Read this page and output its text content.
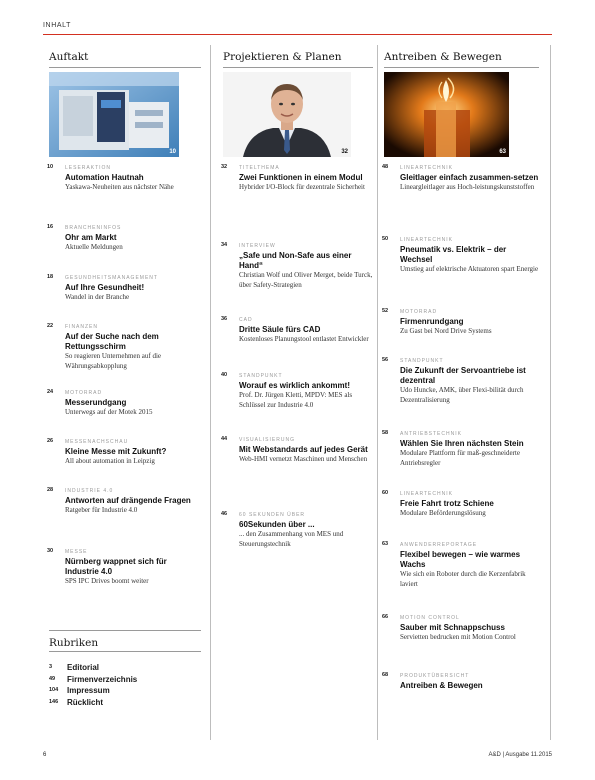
INHALT
Auftakt
10
10	LESERAKTION
Automation Hautnah
Yaskawa-Neuheiten aus nächster Nähe
16	BRANCHENINFOS
Ohr am Markt
Aktuelle Meldungen
18	GESUNDHEITSMANAGEMENT
Auf Ihre Gesundheit!
Wandel in der Branche
22	FINANZEN
Auf der Suche nach dem Rettungsschirm
So reagieren Unternehmen auf die Währungsabkopplung
24	MOTORRAD
Messerundgang
Unterwegs auf der Motek 2015
26	MESSENACHSCHAU
Kleine Messe mit Zukunft?
All about automation in Leipzig
28	INDUSTRIE 4.0
Antworten auf drängende Fragen
Ratgeber für Industrie 4.0
30	MESSE
Nürnberg wappnet sich für Industrie 4.0
SPS IPC Drives boomt weiter
Rubriken
3 Editorial
49 Firmenverzeichnis
104 Impressum
146 Rücklicht
Projektieren & Planen
32
32	TITELTHEMA
Zwei Funktionen in einem Modul
Hybrider I/O-Block für dezentrale Sicherheit
34	INTERVIEW
„Safe und Non-Safe aus einer Hand“
Christian Wolf und Oliver Merget, beide Turck, über Safety-Strategien
36	CAD
Dritte Säule fürs CAD
Kostenloses Planungstool entlastet Entwickler
40	STANDPUNKT
Worauf es wirklich ankommt!
Prof. Dr. Jürgen Kletti, MPDV: MES als Schlüssel zur Industrie 4.0
44	VISUALISIERUNG
Mit Webstandards auf jedes Gerät
Web-HMI vernetzt Maschinen und Menschen
46	60 SEKUNDEN ÜBER
60Sekunden über ...
... den Zusammenhang von MES und Steuerungstechnik
Antreiben & Bewegen
63
48	LINEARTECHNIK
Gleitlager einfach zusammen-setzen
Lineargleitlager aus Hoch-leistungskunststoffen
50	LINEARTECHNIK
Pneumatik vs. Elektrik – der Wechsel
Umstieg auf elektrische Aktuatoren spart Energie
52	MOTORRAD
Firmenrundgang
Zu Gast bei Nord Drive Systems
56	STANDPUNKT
Die Zukunft der Servoantriebe ist dezentral
Udo Huncke, AMK, über Flexi-bilität durch Dezentralisierung
58	ANTRIEBSTECHNIK
Wählen Sie Ihren nächsten Stein
Modulare Plattform für maß-geschneiderte Antriebsregler
60	LINEARTECHNIK
Freie Fahrt trotz Schiene
Modulare Beförderungslösung
63	ANWENDERREPORTAGE
Flexibel bewegen – wie warmes Wachs
Wie sich ein Roboter durch die Kerzenfabrik laviert
66	MOTION CONTROL
Sauber mit Schnappschuss
Servietten bedrucken mit Motion Control
68	PRODUKTÜBERSICHT
Antreiben & Bewegen
6	A&D | Ausgabe 11.2015
